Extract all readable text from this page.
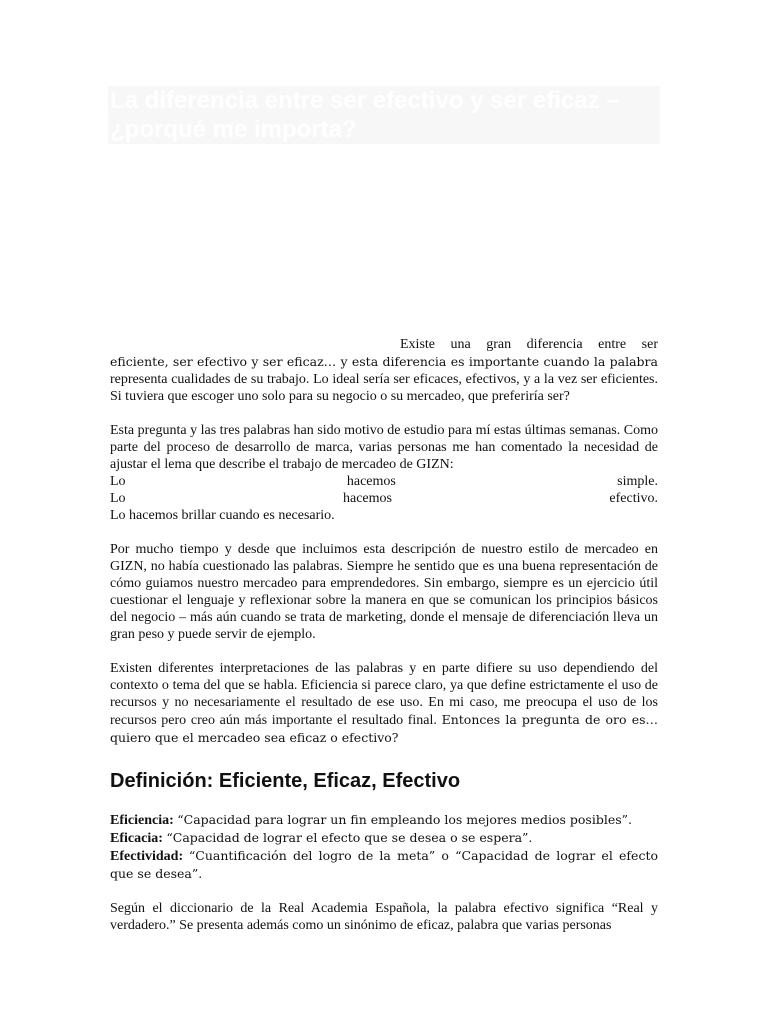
La diferencia entre ser efectivo y ser eficaz – ¿porqué me importa?

Existe una gran diferencia entre ser eficiente, ser efectivo y ser eficaz… y esta diferencia es importante cuando la palabra representa cualidades de su trabajo. Lo ideal sería ser eficaces, efectivos, y a la vez ser eficientes. Si tuviera que escoger uno solo para su negocio o su mercadeo, que preferiría ser?

Esta pregunta y las tres palabras han sido motivo de estudio para mí estas últimas semanas. Como parte del proceso de desarrollo de marca, varias personas me han comentado la necesidad de ajustar el lema que describe el trabajo de mercadeo de GIZN:

Lo	hacemos	simple.

Lo	hacemos	efectivo.

Lo hacemos brillar cuando es necesario.

Por mucho tiempo y desde que incluimos esta descripción de nuestro estilo de mercadeo en GIZN, no había cuestionado las palabras. Siempre he sentido que es una buena representación de cómo guiamos nuestro mercadeo para emprendedores. Sin embargo, siempre es un ejercicio útil cuestionar el lenguaje y reflexionar sobre la manera en que se comunican los principios básicos del negocio – más aún cuando se trata de marketing, donde el mensaje de diferenciación lleva un gran peso y puede servir de ejemplo.

Existen diferentes interpretaciones de las palabras y en parte difiere su uso dependiendo del contexto o tema del que se habla. Eficiencia si parece claro, ya que define estrictamente el uso de recursos y no necesariamente el resultado de ese uso. En mi caso, me preocupa el uso de los recursos pero creo aún más importante el resultado final. Entonces la pregunta de oro es… quiero que el mercadeo sea eficaz o efectivo?

Definición: Eficiente, Eficaz, Efectivo

Eficiencia: “Capacidad para lograr un fin empleando los mejores medios posibles”.

Eficacia: “Capacidad de lograr el efecto que se desea o se espera”.

Efectividad: “Cuantificación del logro de la meta” o “Capacidad de lograr el efecto que se desea”.

Según el diccionario de la Real Academia Española, la palabra efectivo significa “Real y verdadero.” Se presenta además como un sinónimo de eficaz, palabra que varias personas
